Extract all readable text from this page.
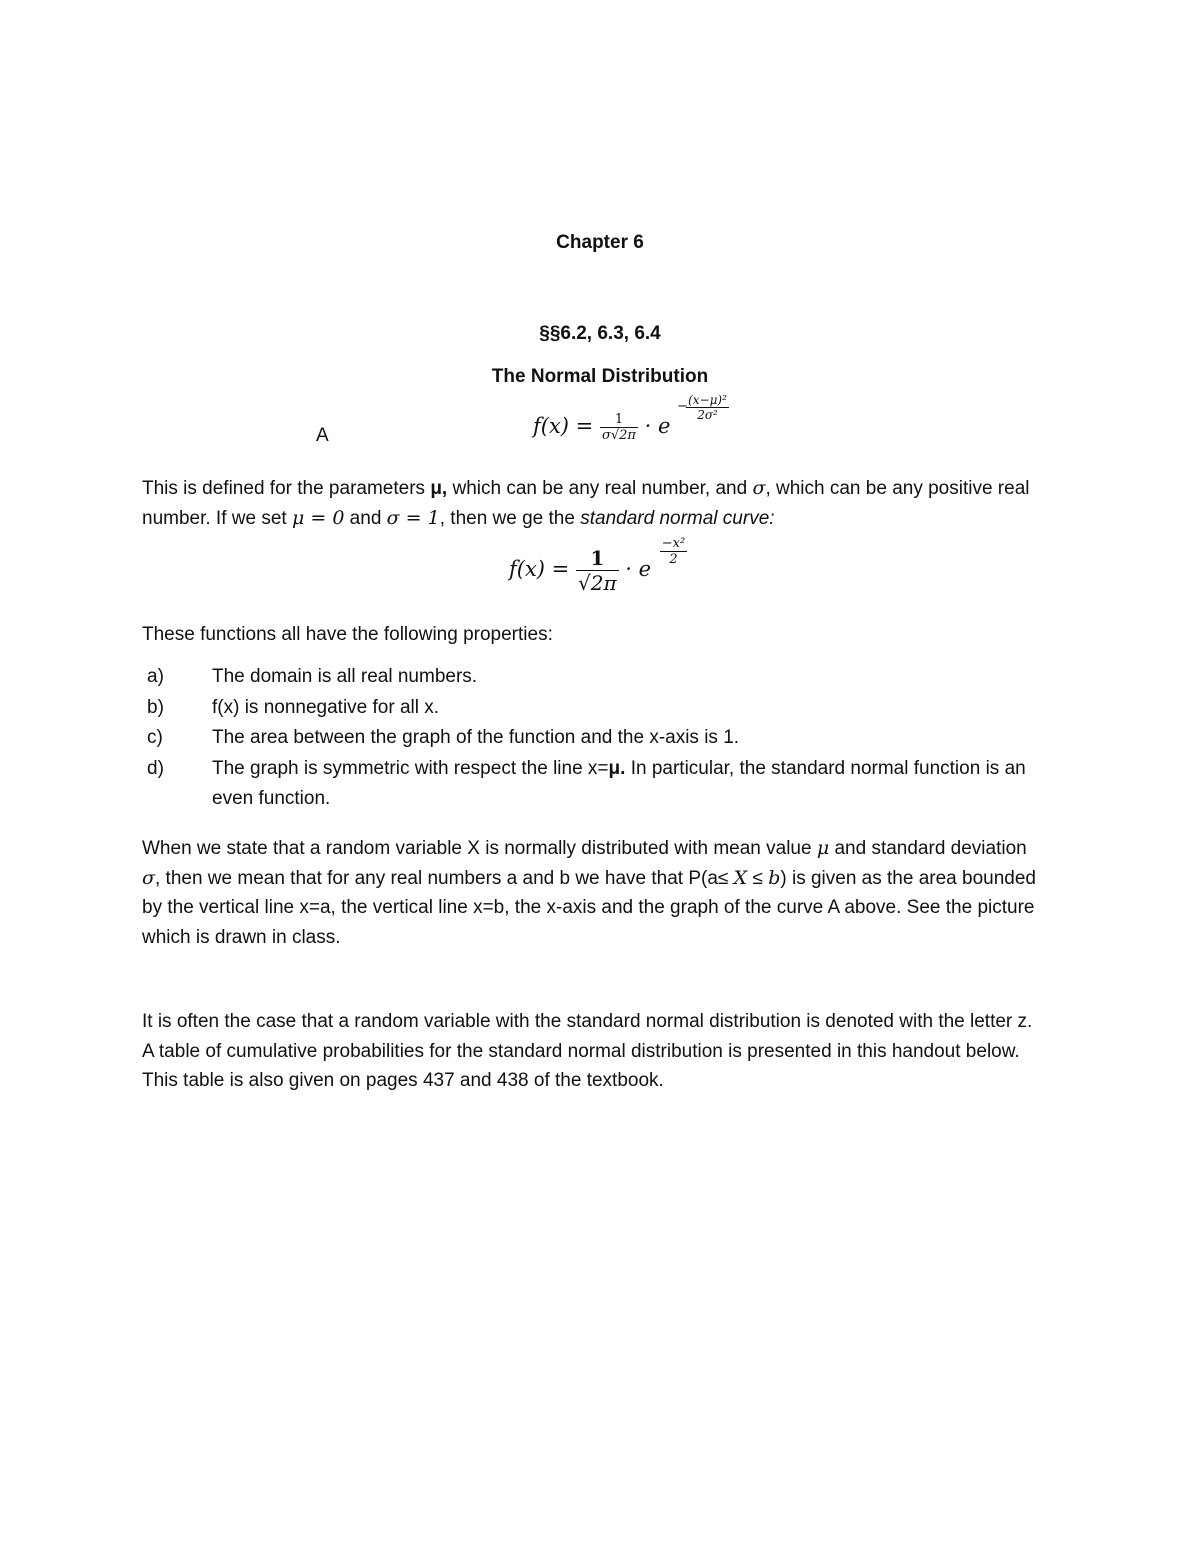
Chapter 6
§§6.2, 6.3, 6.4
The Normal Distribution
A	$f(x) = \frac{1}{\sigma√2\pi} \cdot e$
−
$\frac{\text{(x−μ)²}}{\text{2σ²}}$
This is defined for the parameters μ, which can be any real number, and σ, which can be any positive real number. If we set μ = 0 and σ = 1, then we ge the standard normal curve:
$f(x) = \frac{1}{√2\pi} \cdot e$
$\frac{\text{−x²}}{2}$
These functions all have the following properties:
a)	The domain is all real numbers.
b)	f(x) is nonnegative for all x.
c)	The area between the graph of the function and the x-axis is 1.
d)	The graph is symmetric with respect the line x=μ. In particular, the standard normal function is an even function.
When we state that a random variable X is normally distributed with mean value μ and standard deviation σ, then we mean that for any real numbers a and b we have that P(a≤ X ≤ b) is given as the area bounded by the vertical line x=a, the vertical line x=b, the x-axis and the graph of the curve A above. See the picture which is drawn in class.
It is often the case that a random variable with the standard normal distribution is denoted with the letter z. A table of cumulative probabilities for the standard normal distribution is presented in this handout below. This table is also given on pages 437 and 438 of the textbook.
